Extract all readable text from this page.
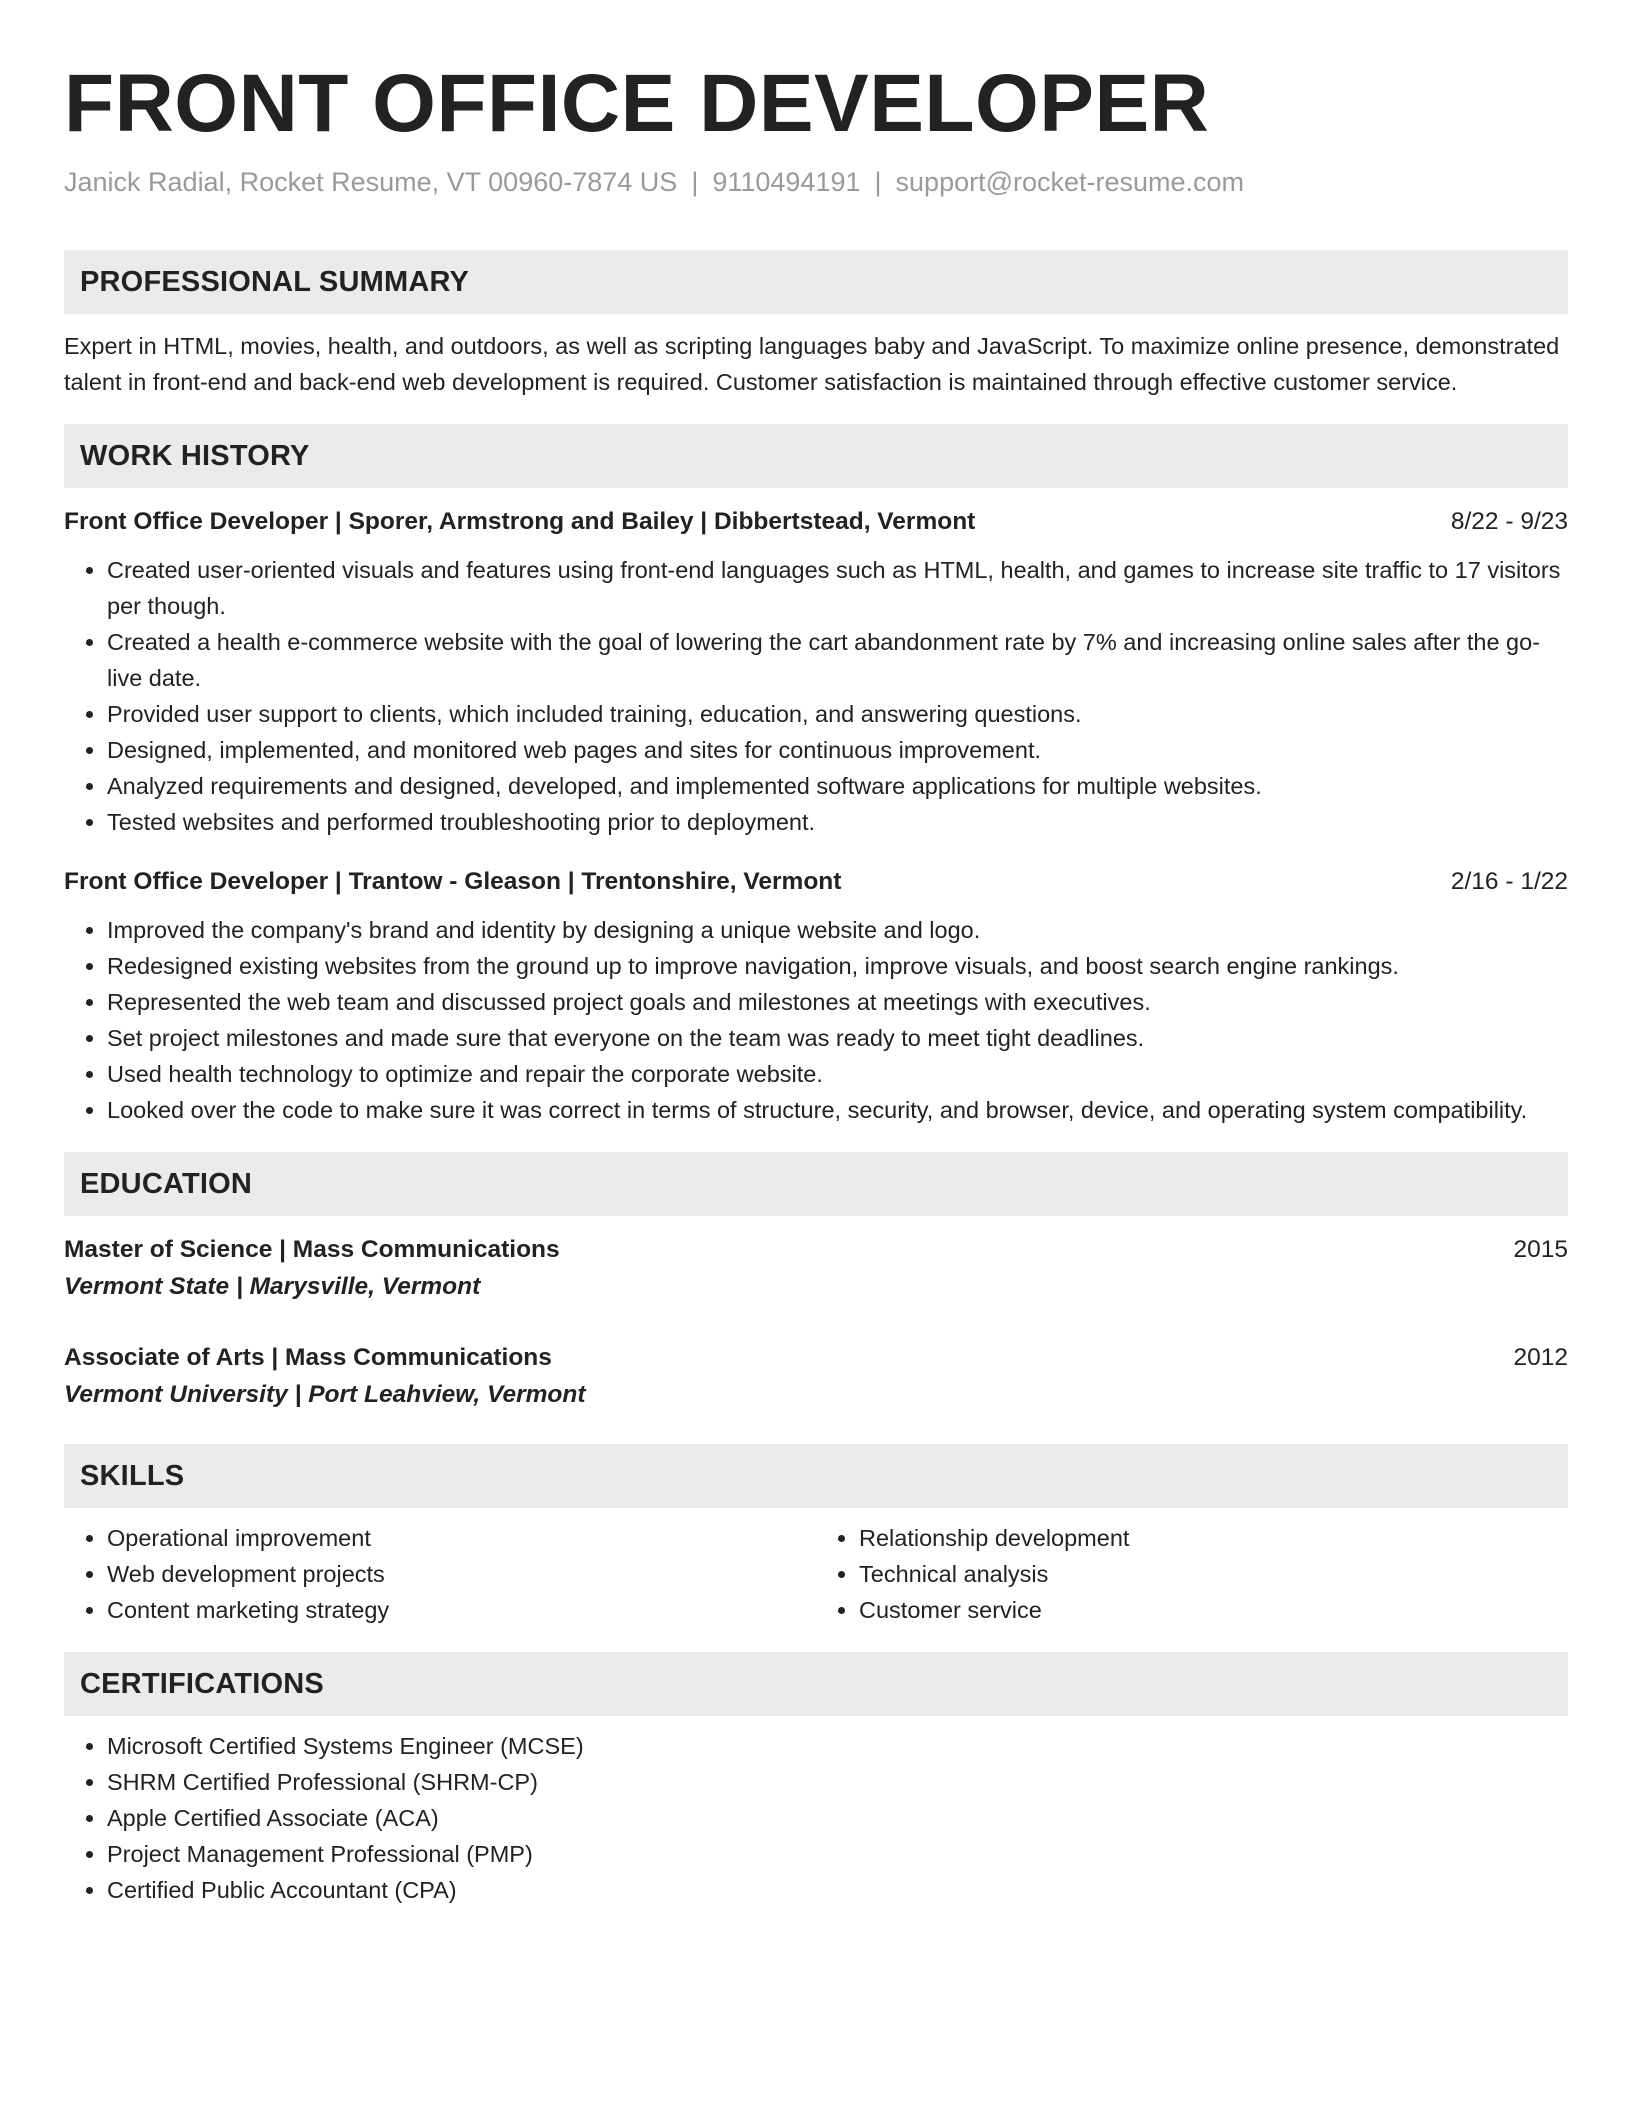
FRONT OFFICE DEVELOPER
Janick Radial, Rocket Resume, VT 00960-7874 US | 9110494191 | support@rocket-resume.com
PROFESSIONAL SUMMARY

Expert in HTML, movies, health, and outdoors, as well as scripting languages baby and JavaScript. To maximize online presence, demonstrated talent in front-end and back-end web development is required. Customer satisfaction is maintained through effective customer service.

WORK HISTORY
Front Office Developer | Sporer, Armstrong and Bailey | Dibbertstead, Vermont	8/22 - 9/23
• Created user-oriented visuals and features using front-end languages such as HTML, health, and games to increase site traffic to 17 visitors per though.
• Created a health e-commerce website with the goal of lowering the cart abandonment rate by 7% and increasing online sales after the go-live date.
• Provided user support to clients, which included training, education, and answering questions.
• Designed, implemented, and monitored web pages and sites for continuous improvement.
• Analyzed requirements and designed, developed, and implemented software applications for multiple websites.
• Tested websites and performed troubleshooting prior to deployment.
Front Office Developer | Trantow - Gleason | Trentonshire, Vermont	2/16 - 1/22
• Improved the company's brand and identity by designing a unique website and logo.
• Redesigned existing websites from the ground up to improve navigation, improve visuals, and boost search engine rankings.
• Represented the web team and discussed project goals and milestones at meetings with executives.
• Set project milestones and made sure that everyone on the team was ready to meet tight deadlines.
• Used health technology to optimize and repair the corporate website.
• Looked over the code to make sure it was correct in terms of structure, security, and browser, device, and operating system compatibility.
EDUCATION
Master of Science | Mass Communications	2015
Vermont State | Marysville, Vermont
Associate of Arts | Mass Communications	2012
Vermont University | Port Leahview, Vermont
SKILLS
• Operational improvement
• Web development projects
• Content marketing strategy
• Relationship development
• Technical analysis
• Customer service
CERTIFICATIONS
• Microsoft Certified Systems Engineer (MCSE)
• SHRM Certified Professional (SHRM-CP)
• Apple Certified Associate (ACA)
• Project Management Professional (PMP)
• Certified Public Accountant (CPA)
